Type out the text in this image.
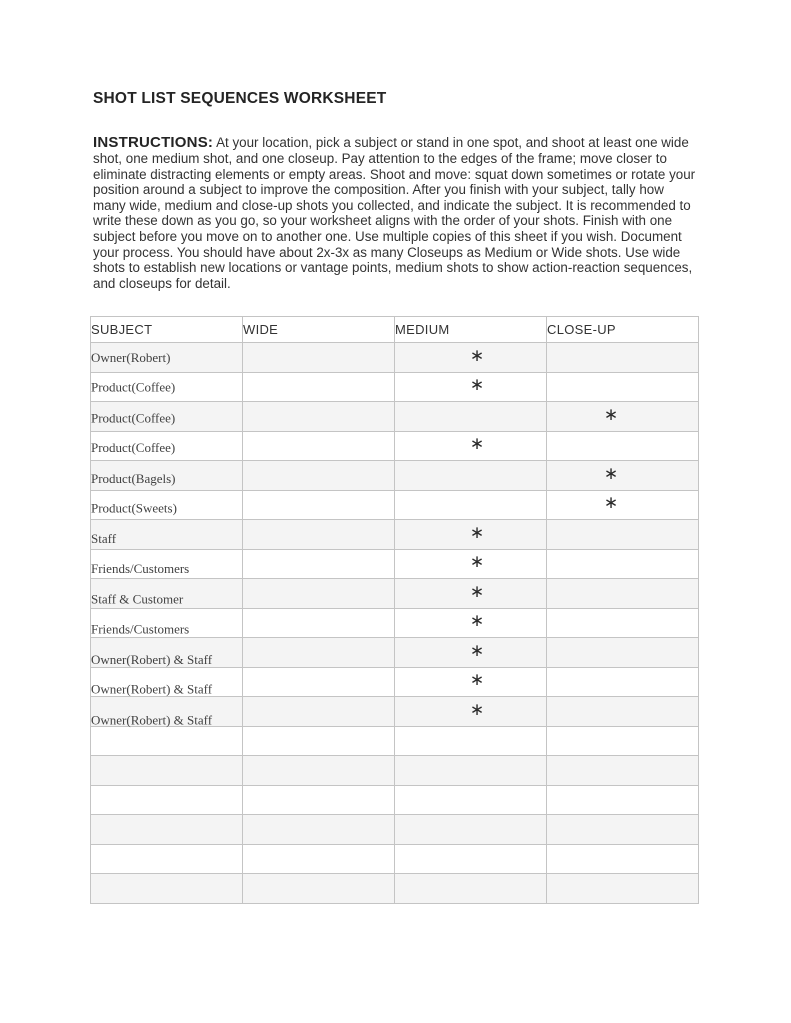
SHOT LIST SEQUENCES WORKSHEET

INSTRUCTIONS: At your location, pick a subject or stand in one spot, and shoot at least one wide shot, one medium shot, and one closeup. Pay attention to the edges of the frame; move closer to eliminate distracting elements or empty areas. Shoot and move: squat down sometimes or rotate your position around a subject to improve the composition. After you finish with your subject, tally how many wide, medium and close-up shots you collected, and indicate the subject. It is recommended to write these down as you go, so your worksheet aligns with the order of your shots. Finish with one subject before you move on to another one. Use multiple copies of this sheet if you wish. Document your process. You should have about 2x-3x as many Closeups as Medium or Wide shots. Use wide shots to establish new locations or vantage points, medium shots to show action-reaction sequences, and closeups for detail.

SUBJECT	WIDE	MEDIUM	CLOSE-UP
Owner(Robert)		∗	
Product(Coffee)		∗	
Product(Coffee)			∗
Product(Coffee)		∗	
Product(Bagels)			∗
Product(Sweets)			∗
Staff		∗	
Friends/Customers		∗	
Staff & Customer		∗	
Friends/Customers		∗	
Owner(Robert) & Staff		∗	
Owner(Robert) & Staff		∗	
Owner(Robert) & Staff		∗	
